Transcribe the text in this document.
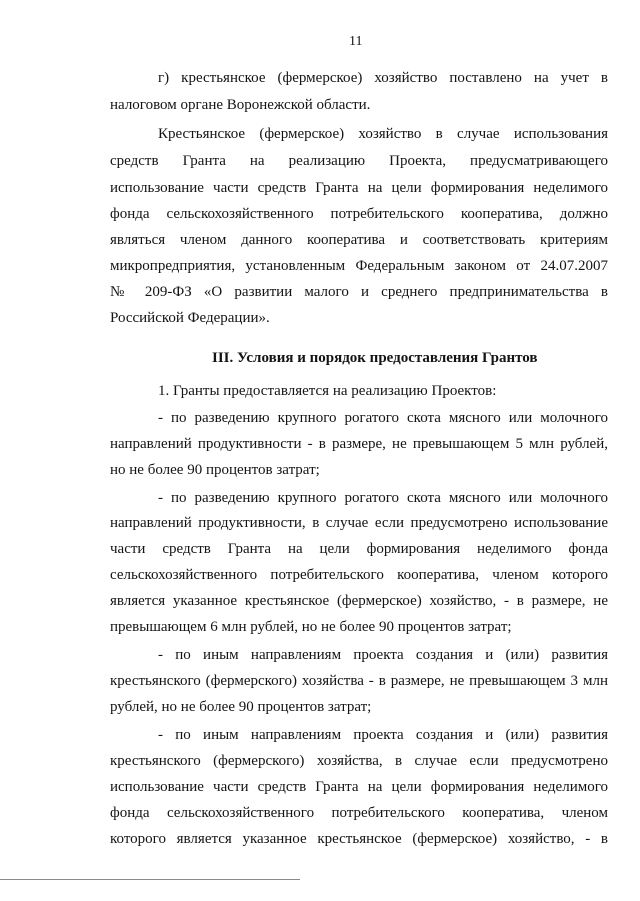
11
г) крестьянское (фермерское) хозяйство поставлено на учет в
налоговом органе Воронежской области.
Крестьянское (фермерское) хозяйство в случае использования
средств Гранта на реализацию Проекта, предусматривающего
использование части средств Гранта на цели формирования неделимого
фонда сельскохозяйственного потребительского кооператива, должно
являться членом данного кооператива и соответствовать критериям
микропредприятия, установленным Федеральным законом от 24.07.2007
№ 209-ФЗ «О развитии малого и среднего предпринимательства в
Российской Федерации».
III. Условия и порядок предоставления Грантов
1. Гранты предоставляется на реализацию Проектов:
- по разведению крупного рогатого скота мясного или молочного
направлений продуктивности - в размере, не превышающем 5 млн рублей,
но не более 90 процентов затрат;
- по разведению крупного рогатого скота мясного или молочного
направлений продуктивности, в случае если предусмотрено использование
части средств Гранта на цели формирования неделимого фонда
сельскохозяйственного потребительского кооператива, членом которого
является указанное крестьянское (фермерское) хозяйство, - в размере, не
превышающем 6 млн рублей, но не более 90 процентов затрат;
- по иным направлениям проекта создания и (или) развития
крестьянского (фермерского) хозяйства - в размере, не превышающем 3 млн
рублей, но не более 90 процентов затрат;
- по иным направлениям проекта создания и (или) развития
крестьянского (фермерского) хозяйства, в случае если предусмотрено
использование части средств Гранта на цели формирования неделимого
фонда сельскохозяйственного потребительского кооператива, членом
которого является указанное крестьянское (фермерское) хозяйство, - в
